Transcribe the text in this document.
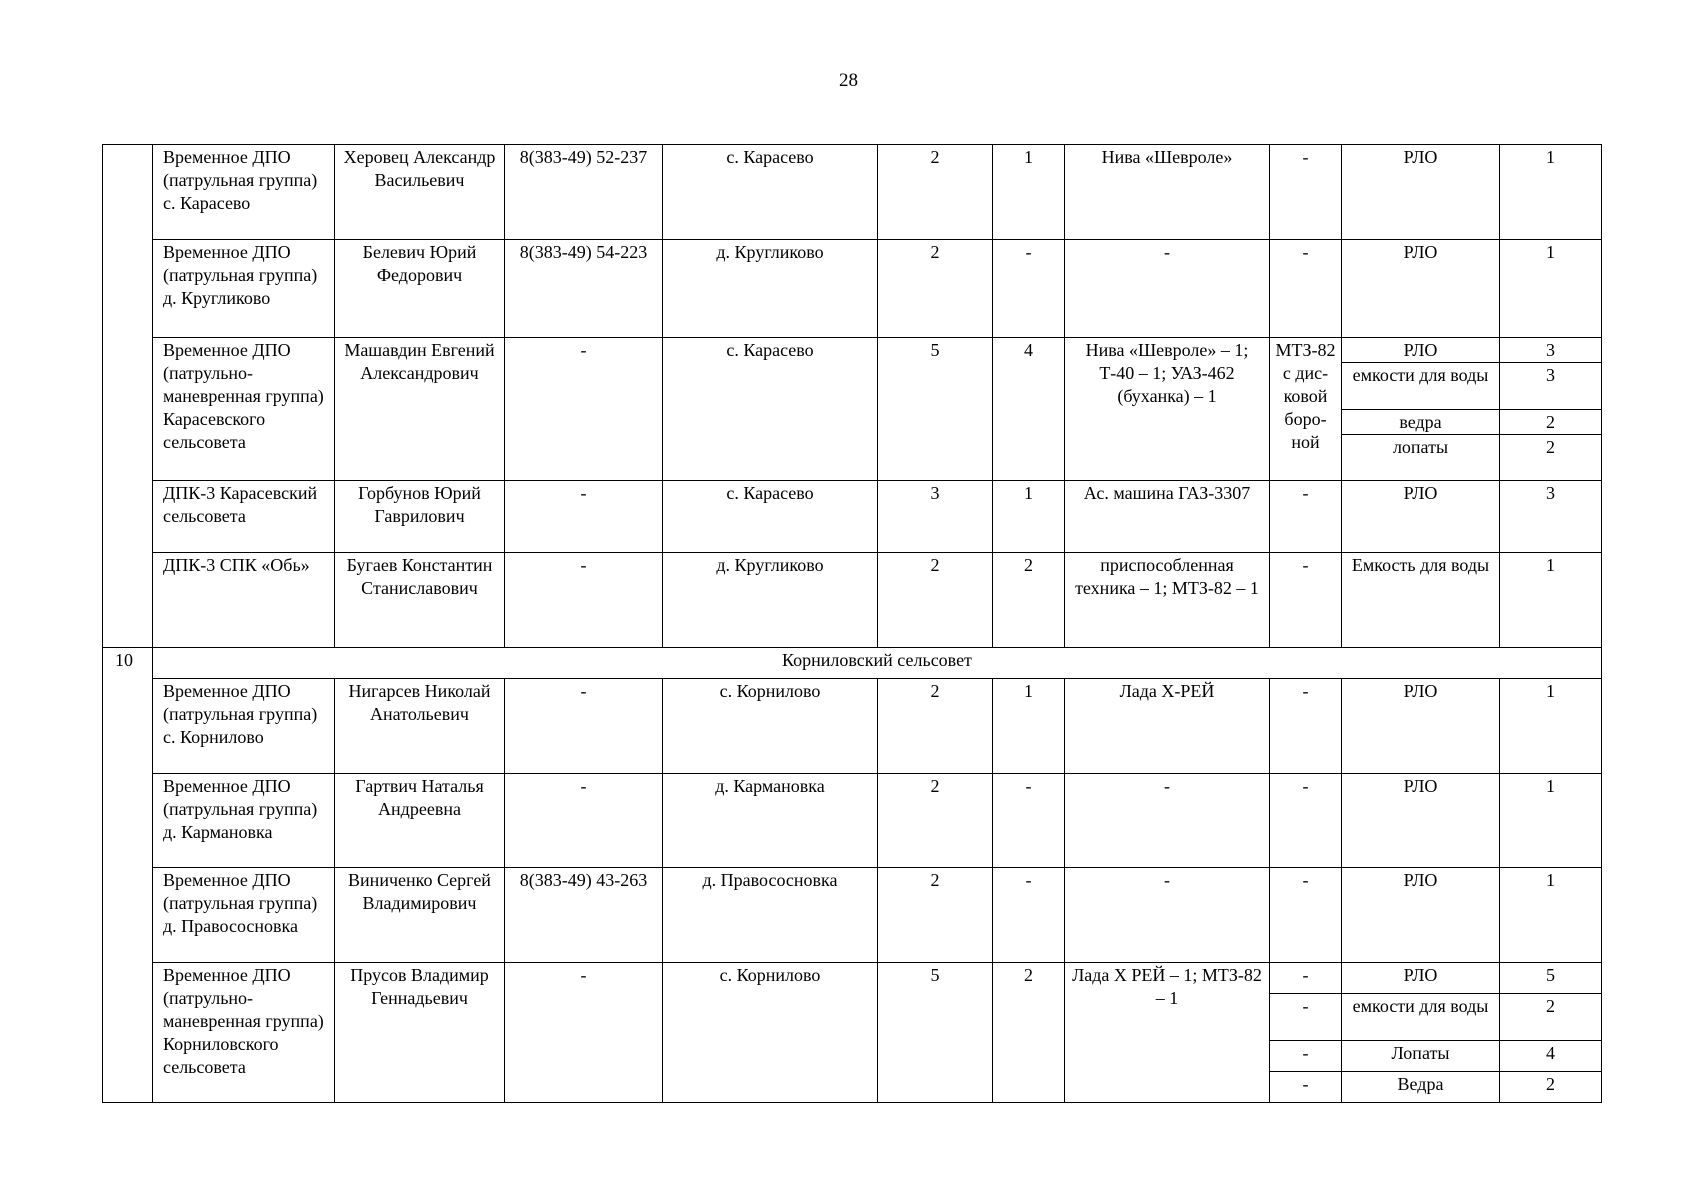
28
	Временное ДПО (патрульная группа) с. Карасево	Херовец Александр Васильевич	8(383-49) 52-237	с. Карасево	2	1	Нива «Шевроле»	-	РЛО	1
	Временное ДПО (патрульная группа) д. Кругликово	Белевич Юрий Федорович	8(383-49) 54-223	д. Кругликово	2	-	-	-	РЛО	1
	Временное ДПО (патрульно-маневренная группа) Карасевского сельсовета	Машавдин Евгений Александрович	-	с. Карасево	5	4	Нива «Шевроле» – 1; Т-40 – 1; УАЗ-462 (буханка) – 1	МТЗ-82 с дис-ковой боро-ной	РЛО	3
									емкости для воды	3
									ведра	2
									лопаты	2
	ДПК-3 Карасевский сельсовета	Горбунов Юрий Гаврилович	-	с. Карасево	3	1	Ас. машина ГАЗ-3307	-	РЛО	3
	ДПК-3 СПК «Обь»	Бугаев Константин Станиславович	-	д. Кругликово	2	2	приспособленная техника – 1; МТЗ-82 – 1	-	Емкость для воды	1
10	Корниловский сельсовет									
	Временное ДПО (патрульная группа) с. Корнилово	Нигарсев Николай Анатольевич	-	с. Корнилово	2	1	Лада X-РЕЙ	-	РЛО	1
	Временное ДПО (патрульная группа) д. Кармановка	Гартвич Наталья Андреевна	-	д. Кармановка	2	-	-	-	РЛО	1
	Временное ДПО (патрульная группа) д. Правососновка	Виниченко Сергей Владимирович	8(383-49) 43-263	д. Правососновка	2	-	-	-	РЛО	1
	Временное ДПО (патрульно-маневренная группа) Корниловского сельсовета	Прусов Владимир Геннадьевич	-	с. Корнилово	5	2	Лада X РЕЙ – 1; МТЗ-82 – 1	-	РЛО	5
								-	емкости для воды	2
								-	Лопаты	4
								-	Ведра	2
